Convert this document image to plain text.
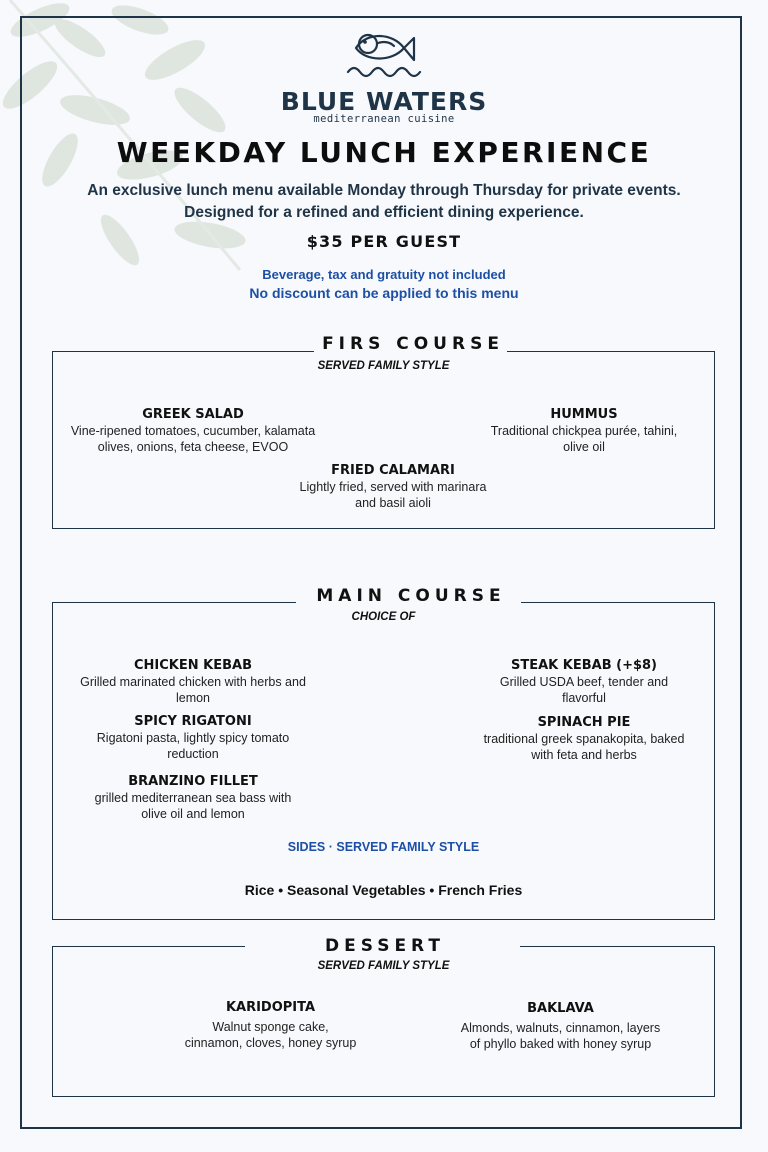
BLUE WATERS
mediterranean cuisine
WEEKDAY LUNCH EXPERIENCE
An exclusive lunch menu available Monday through Thursday for private events.
Designed for a refined and efficient dining experience.
$35 PER GUEST
Beverage, tax and gratuity not included
No discount can be applied to this menu
SERVED FAMILY STYLE
GREEK SALAD
Vine-ripened tomatoes, cucumber, kalamata
olives, onions, feta cheese, EVOO
HUMMUS
Traditional chickpea purée, tahini,
olive oil
FRIED CALAMARI
Lightly fried, served with marinara
and basil aioli
FIRS COURSE
CHOICE OF
CHICKEN KEBAB
Grilled marinated chicken with herbs and
lemon
STEAK KEBAB (+$8)
Grilled USDA beef, tender and
flavorful
SPICY RIGATONI
Rigatoni pasta, lightly spicy tomato
reduction
SPINACH PIE
traditional greek spanakopita, baked
with feta and herbs
BRANZINO FILLET
grilled mediterranean sea bass with
olive oil and lemon
SIDES · SERVED FAMILY STYLE
Rice • Seasonal Vegetables • French Fries
MAIN COURSE
SERVED FAMILY STYLE
KARIDOPITA
Walnut sponge cake,
cinnamon, cloves, honey syrup
BAKLAVA
Almonds, walnuts, cinnamon, layers
of phyllo baked with honey syrup
DESSERT
